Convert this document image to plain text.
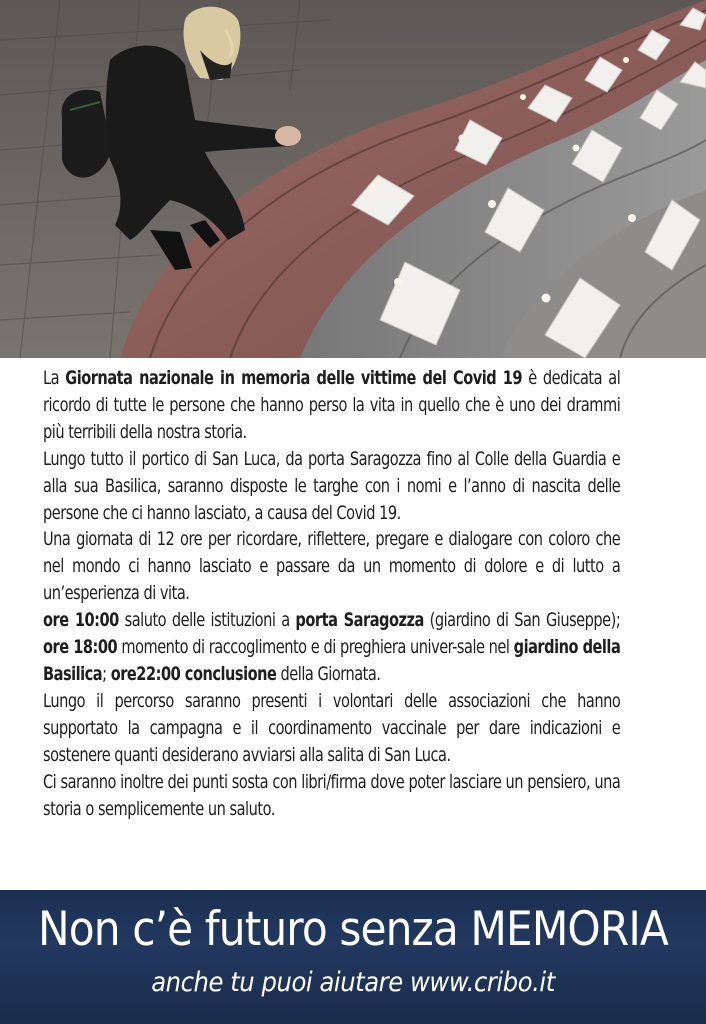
La Giornata nazionale in memoria delle vittime del Covid 19 è dedicata al ricordo di tutte le persone che hanno perso la vita in quello che è uno dei drammi più terribili della nostra storia.

Lungo tutto il portico di San Luca, da porta Saragozza fino al Colle della Guardia e alla sua Basilica, saranno disposte le targhe con i nomi e l’anno di nascita delle persone che ci hanno lasciato, a causa del Covid 19.

Una giornata di 12 ore per ricordare, riflettere, pregare e dialogare con coloro che nel mondo ci hanno lasciato e passare da un momento di dolore e di lutto a un’esperienza di vita.

ore 10:00 saluto delle istituzioni a porta Saragozza (giardino di San Giuseppe); ore 18:00 momento di raccoglimento e di preghiera univer-sale nel giardino della Basilica; ore22:00 conclusione della Giornata.

Lungo il percorso saranno presenti i volontari delle associazioni che hanno supportato la campagna e il coordinamento vaccinale per dare indicazioni e sostenere quanti desiderano avviarsi alla salita di San Luca.

Ci saranno inoltre dei punti sosta con libri/firma dove poter lasciare un pensiero, una storia o semplicemente un saluto.

Non c’è futuro senza MEMORIA
anche tu puoi aiutare www.cribo.it
